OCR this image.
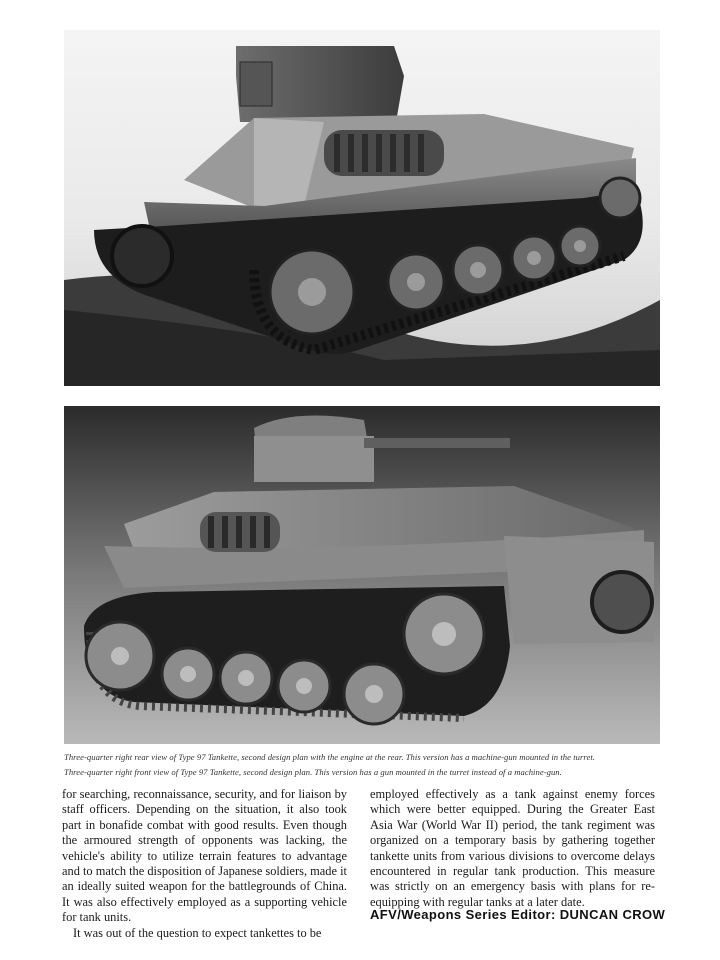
Three-quarter right rear view of Type 97 Tankette, second design plan with the engine at the rear. This version has a machine-gun mounted in the turret.
Three-quarter right front view of Type 97 Tankette, second design plan. This version has a gun mounted in the turret instead of a machine-gun.

for searching, reconnaissance, security, and for liaison by staff officers. Depending on the situation, it also took part in bonafide combat with good results. Even though the armoured strength of opponents was lacking, the vehicle's ability to utilize terrain features to advantage and to match the disposition of Japanese soldiers, made it an ideally suited weapon for the battlegrounds of China. It was also effectively employed as a supporting vehicle for tank units.

It was out of the question to expect tankettes to be

employed effectively as a tank against enemy forces which were better equipped. During the Greater East Asia War (World War II) period, the tank regiment was organized on a temporary basis by gathering together tankette units from various divisions to overcome delays encountered in regular tank production. This measure was strictly on an emergency basis with plans for re-equipping with regular tanks at a later date.

AFV/Weapons Series Editor: DUNCAN CROW
